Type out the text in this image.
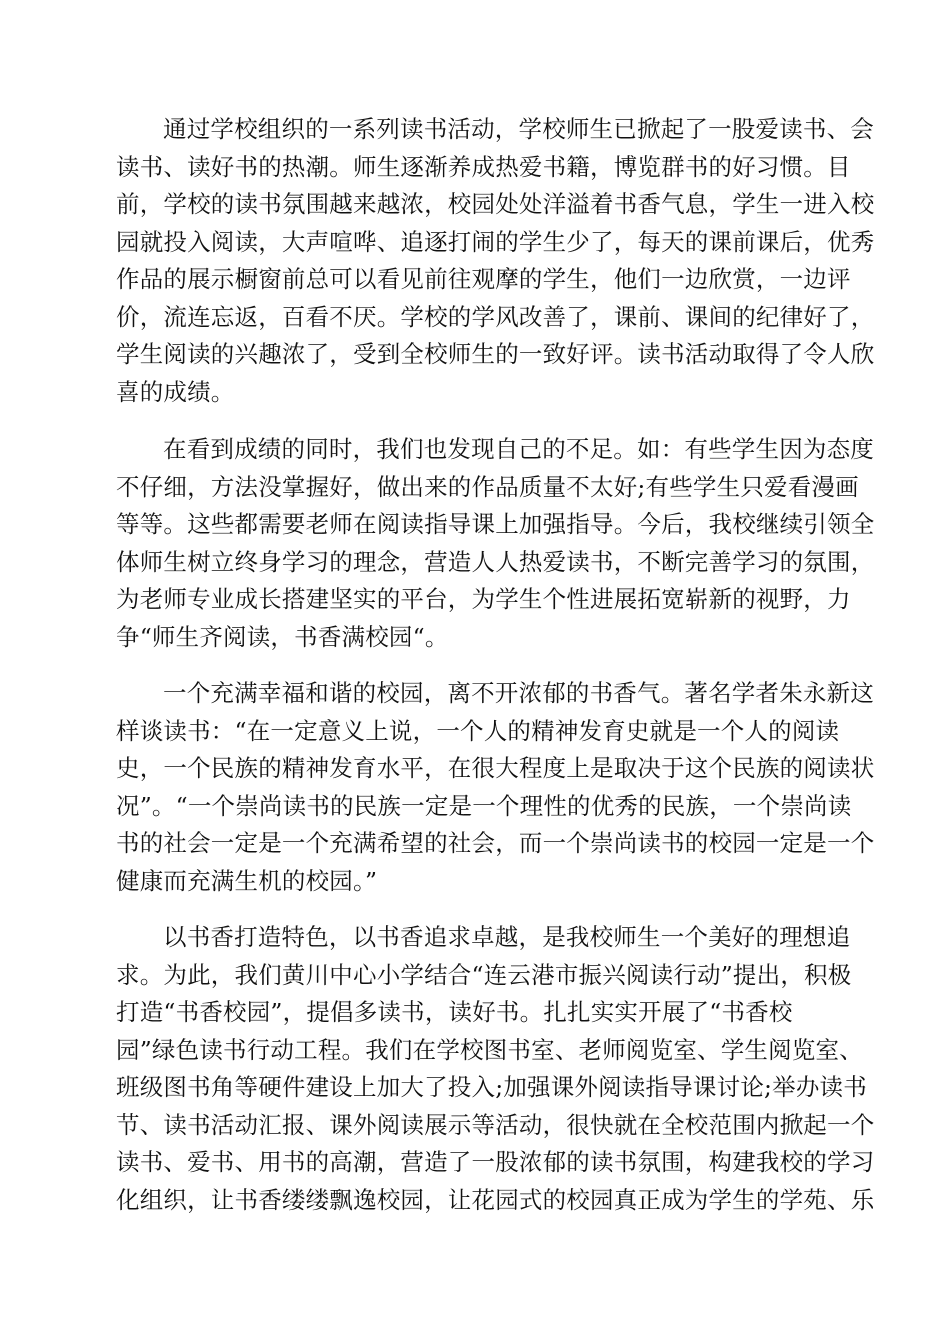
通过学校组织的一系列读书活动，学校师生已掀起了一股爱读书、会
读书、读好书的热潮。师生逐渐养成热爱书籍，博览群书的好习惯。目
前，学校的读书氛围越来越浓，校园处处洋溢着书香气息，学生一进入校
园就投入阅读，大声喧哗、追逐打闹的学生少了，每天的课前课后，优秀
作品的展示橱窗前总可以看见前往观摩的学生，他们一边欣赏，一边评
价，流连忘返，百看不厌。学校的学风改善了，课前、课间的纪律好了，
学生阅读的兴趣浓了，受到全校师生的一致好评。读书活动取得了令人欣
喜的成绩。
在看到成绩的同时，我们也发现自己的不足。如：有些学生因为态度
不仔细，方法没掌握好，做出来的作品质量不太好;有些学生只爱看漫画
等等。这些都需要老师在阅读指导课上加强指导。今后，我校继续引领全
体师生树立终身学习的理念，营造人人热爱读书，不断完善学习的氛围，
为老师专业成长搭建坚实的平台，为学生个性进展拓宽崭新的视野，力
争“师生齐阅读，书香满校园“。
一个充满幸福和谐的校园，离不开浓郁的书香气。著名学者朱永新这
样谈读书：“在一定意义上说，一个人的精神发育史就是一个人的阅读
史，一个民族的精神发育水平，在很大程度上是取决于这个民族的阅读状
况”。“一个崇尚读书的民族一定是一个理性的优秀的民族，一个崇尚读
书的社会一定是一个充满希望的社会，而一个崇尚读书的校园一定是一个
健康而充满生机的校园。”
以书香打造特色，以书香追求卓越，是我校师生一个美好的理想追
求。为此，我们黄川中心小学结合“连云港市振兴阅读行动”提出，积极
打造“书香校园”，提倡多读书，读好书。扎扎实实开展了“书香校
园”绿色读书行动工程。我们在学校图书室、老师阅览室、学生阅览室、
班级图书角等硬件建设上加大了投入;加强课外阅读指导课讨论;举办读书
节、读书活动汇报、课外阅读展示等活动，很快就在全校范围内掀起一个
读书、爱书、用书的高潮，营造了一股浓郁的读书氛围，构建我校的学习
化组织，让书香缕缕飘逸校园，让花园式的校园真正成为学生的学苑、乐
